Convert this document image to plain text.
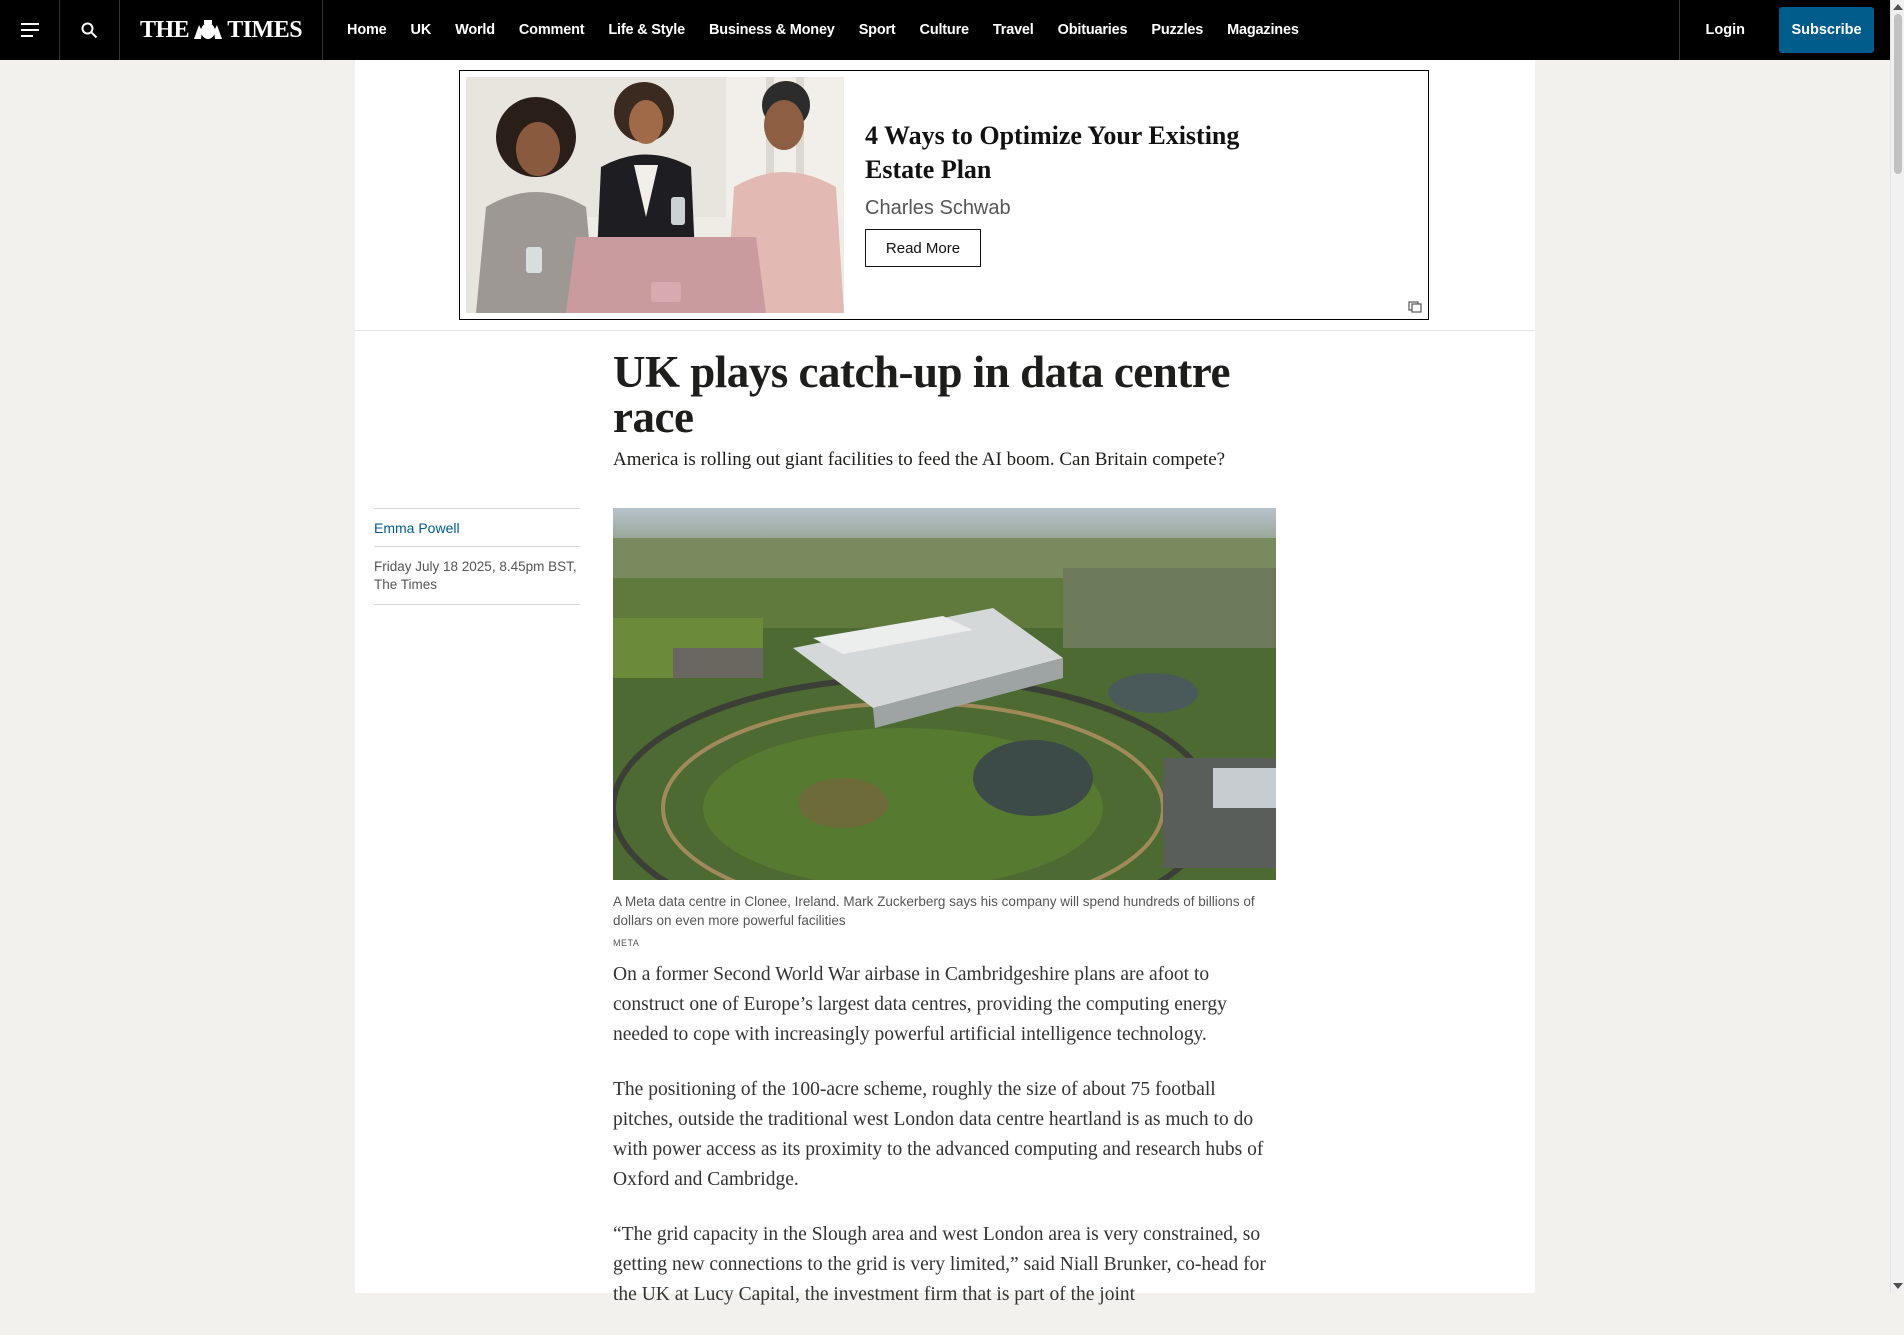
THE TIMES	Home UK World Comment Life & Style Business & Money Sport Culture Travel Obituaries Puzzles Magazines	Login	Subscribe
4 Ways to Optimize Your Existing Estate Plan
Charles Schwab
Read More
UK plays catch-up in data centre race
America is rolling out giant facilities to feed the AI boom. Can Britain compete?
Emma Powell
Friday July 18 2025, 8.45pm BST, The Times
A Meta data centre in Clonee, Ireland. Mark Zuckerberg says his company will spend hundreds of billions of dollars on even more powerful facilities
META

On a former Second World War airbase in Cambridgeshire plans are afoot to construct one of Europe’s largest data centres, providing the computing energy needed to cope with increasingly powerful artificial intelligence technology.

The positioning of the 100-acre scheme, roughly the size of about 75 football pitches, outside the traditional west London data centre heartland is as much to do with power access as its proximity to the advanced computing and research hubs of Oxford and Cambridge.

“The grid capacity in the Slough area and west London area is very constrained, so getting new connections to the grid is very limited,” said Niall Brunker, co-head for the UK at Lucy Capital, the investment firm that is part of the joint
